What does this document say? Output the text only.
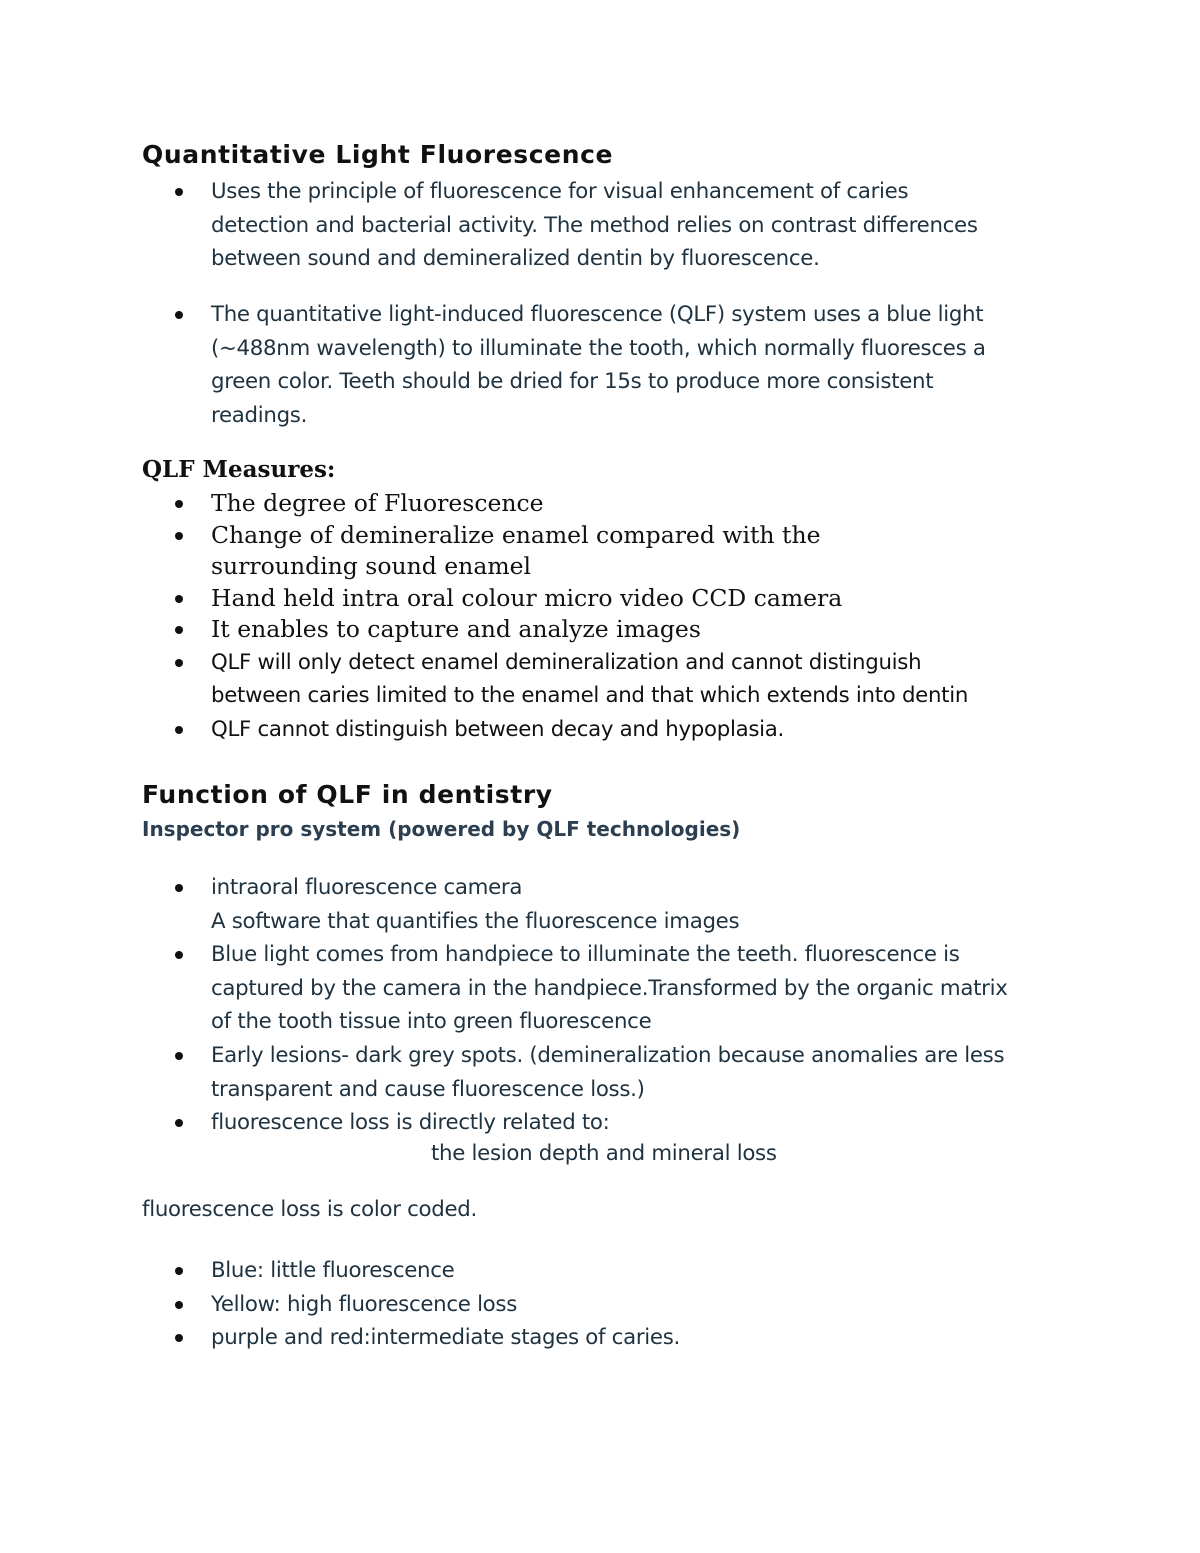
Quantitative Light Fluorescence
Uses the principle of fluorescence for visual enhancement of caries
detection and bacterial activity. The method relies on contrast differences
between sound and demineralized dentin by fluorescence.
The quantitative light-induced fluorescence (QLF) system uses a blue light
(~488nm wavelength) to illuminate the tooth, which normally fluoresces a
green color. Teeth should be dried for 15s to produce more consistent
readings.
QLF Measures:
The degree of Fluorescence
Change of demineralize enamel compared with the
surrounding sound enamel
Hand held intra oral colour micro video CCD camera
It enables to capture and analyze images
QLF will only detect enamel demineralization and cannot distinguish
between caries limited to the enamel and that which extends into dentin
QLF cannot distinguish between decay and hypoplasia.
Function of QLF in dentistry
Inspector pro system (powered by QLF technologies)
intraoral fluorescence camera
A software that quantifies the fluorescence images
Blue light comes from handpiece to illuminate the teeth. fluorescence is
captured by the camera in the handpiece.Transformed by the organic matrix
of the tooth tissue into green fluorescence
Early lesions- dark grey spots. (demineralization because anomalies are less
transparent and cause fluorescence loss.)
fluorescence loss is directly related to:

the lesion depth and mineral loss

fluorescence loss is color coded.

Blue: little fluorescence
Yellow: high fluorescence loss
purple and red:intermediate stages of caries.
